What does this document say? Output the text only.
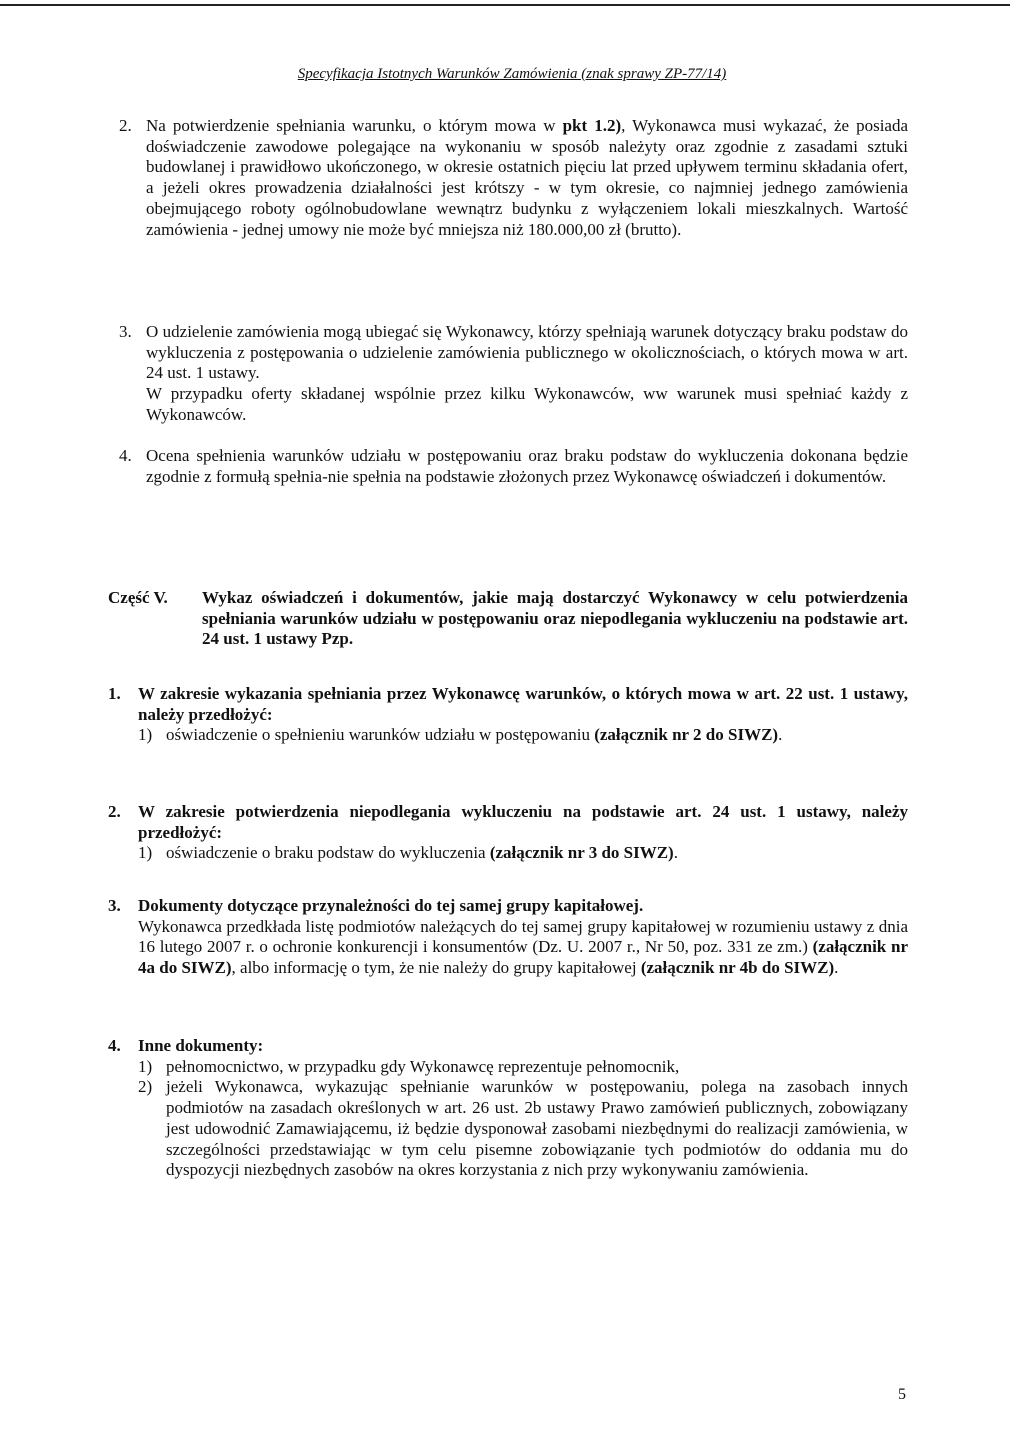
Specyfikacja Istotnych Warunków Zamówienia (znak sprawy ZP-77/14)
2. Na potwierdzenie spełniania warunku, o którym mowa w pkt 1.2), Wykonawca musi wykazać, że posiada doświadczenie zawodowe polegające na wykonaniu w sposób należyty oraz zgodnie z zasadami sztuki budowlanej i prawidłowo ukończonego, w okresie ostatnich pięciu lat przed upływem terminu składania ofert, a jeżeli okres prowadzenia działalności jest krótszy - w tym okresie, co najmniej jednego zamówienia obejmującego roboty ogólnobudowlane wewnątrz budynku z wyłączeniem lokali mieszkalnych. Wartość zamówienia - jednej umowy nie może być mniejsza niż 180.000,00 zł (brutto).

3. O udzielenie zamówienia mogą ubiegać się Wykonawcy, którzy spełniają warunek dotyczący braku podstaw do wykluczenia z postępowania o udzielenie zamówienia publicznego w okolicznościach, o których mowa w art. 24 ust. 1 ustawy.

W przypadku oferty składanej wspólnie przez kilku Wykonawców, ww warunek musi spełniać każdy z Wykonawców.

4. Ocena spełnienia warunków udziału w postępowaniu oraz braku podstaw do wykluczenia dokonana będzie zgodnie z formułą spełnia-nie spełnia na podstawie złożonych przez Wykonawcę oświadczeń i dokumentów.

Część V. Wykaz oświadczeń i dokumentów, jakie mają dostarczyć Wykonawcy w celu potwierdzenia spełniania warunków udziału w postępowaniu oraz niepodlegania wykluczeniu na podstawie art. 24 ust. 1 ustawy Pzp.
1.	W zakresie wykazania spełniania przez Wykonawcę warunków, o których mowa w art. 22 ust. 1 ustawy, należy przedłożyć:

1) oświadczenie o spełnieniu warunków udziału w postępowaniu (załącznik nr 2 do SIWZ).
2.	W zakresie potwierdzenia niepodlegania wykluczeniu na podstawie art. 24 ust. 1 ustawy, należy przedłożyć:

1) oświadczenie o braku podstaw do wykluczenia (załącznik nr 3 do SIWZ).
3.	Dokumenty dotyczące przynależności do tej samej grupy kapitałowej.

Wykonawca przedkłada listę podmiotów należących do tej samej grupy kapitałowej w rozumieniu ustawy z dnia 16 lutego 2007 r. o ochronie konkurencji i konsumentów (Dz. U. 2007 r., Nr 50, poz. 331 ze zm.) (załącznik nr 4a do SIWZ), albo informację o tym, że nie należy do grupy kapitałowej (załącznik nr 4b do SIWZ).

4.	Inne dokumenty:

1) pełnomocnictwo, w przypadku gdy Wykonawcę reprezentuje pełnomocnik,
2) jeżeli Wykonawca, wykazując spełnianie warunków w postępowaniu, polega na zasobach innych podmiotów na zasadach określonych w art. 26 ust. 2b ustawy Prawo zamówień publicznych, zobowiązany jest udowodnić Zamawiającemu, iż będzie dysponował zasobami niezbędnymi do realizacji zamówienia, w szczególności przedstawiając w tym celu pisemne zobowiązanie tych podmiotów do oddania mu do dyspozycji niezbędnych zasobów na okres korzystania z nich przy wykonywaniu zamówienia.
5
